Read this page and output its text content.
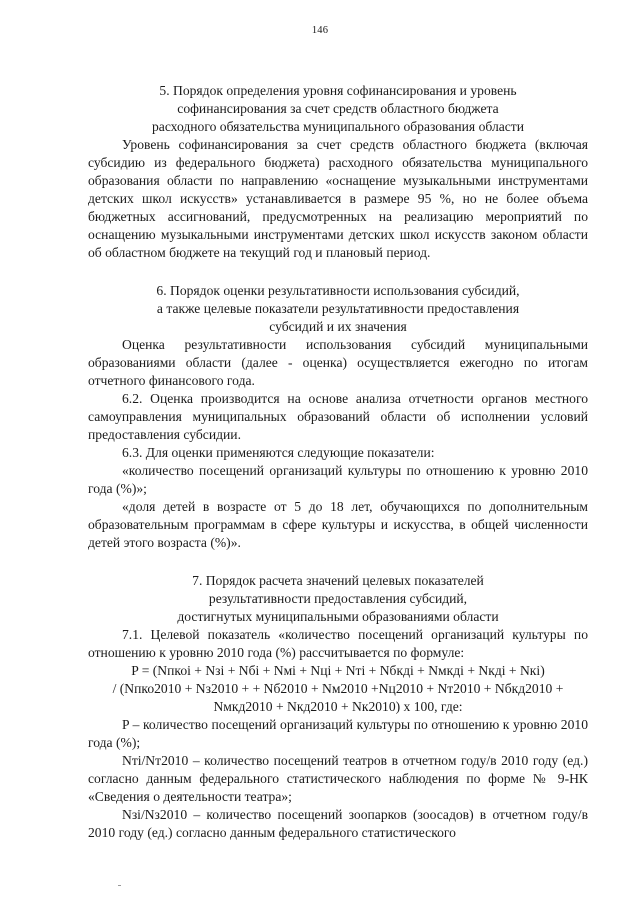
146

5. Порядок определения уровня софинансирования и уровень

софинансирования за счет средств областного бюджета

расходного обязательства муниципального образования области

Уровень софинансирования за счет средств областного бюджета (включая субсидию из федерального бюджета) расходного обязательства муниципального образования области по направлению «оснащение музыкальными инструментами детских школ искусств» устанавливается в размере 95 %, но не более объема бюджетных ассигнований, предусмотренных на реализацию мероприятий по оснащению музыкальными инструментами детских школ искусств законом области об областном бюджете на текущий год и плановый период.

6. Порядок оценки результативности использования субсидий,

а также целевые показатели результативности предоставления

субсидий и их значения

Оценка результативности использования субсидий муниципальными образованиями области (далее - оценка) осуществляется ежегодно по итогам отчетного финансового года.

6.2. Оценка производится на основе анализа отчетности органов местного самоуправления муниципальных образований области об исполнении условий предоставления субсидии.

6.3. Для оценки применяются следующие показатели:

«количество посещений организаций культуры по отношению к уровню 2010 года (%)»;

«доля детей в возрасте от 5 до 18 лет, обучающихся по дополнительным образовательным программам в сфере культуры и искусства, в общей численности детей этого возраста (%)».

7. Порядок расчета значений целевых показателей

результативности предоставления субсидий,

достигнутых муниципальными образованиями области

7.1. Целевой показатель «количество посещений организаций культуры по отношению к уровню 2010 года (%) рассчитывается по формуле:

P = (Nпкоi + Nзi + Nбi + Nмi + Nцi + Nтi + Nбкдi + Nмкдi + Nкдi + Nкi)

/ (Nпко2010 + Nз2010 + + Nб2010 + Nм2010 +Nц2010 + Nт2010 + Nбкд2010 +

Nмкд2010 + Nкд2010 + Nк2010) х 100, где:

P – количество посещений организаций культуры по отношению к уровню 2010 года (%);

Nтi/Nт2010 – количество посещений театров в отчетном году/в 2010 году (ед.) согласно данным федерального статистического наблюдения по форме № 9-НК «Сведения о деятельности театра»;

Nзi/Nз2010 – количество посещений зоопарков (зоосадов) в отчетном году/в 2010 году (ед.) согласно данным федерального статистического
